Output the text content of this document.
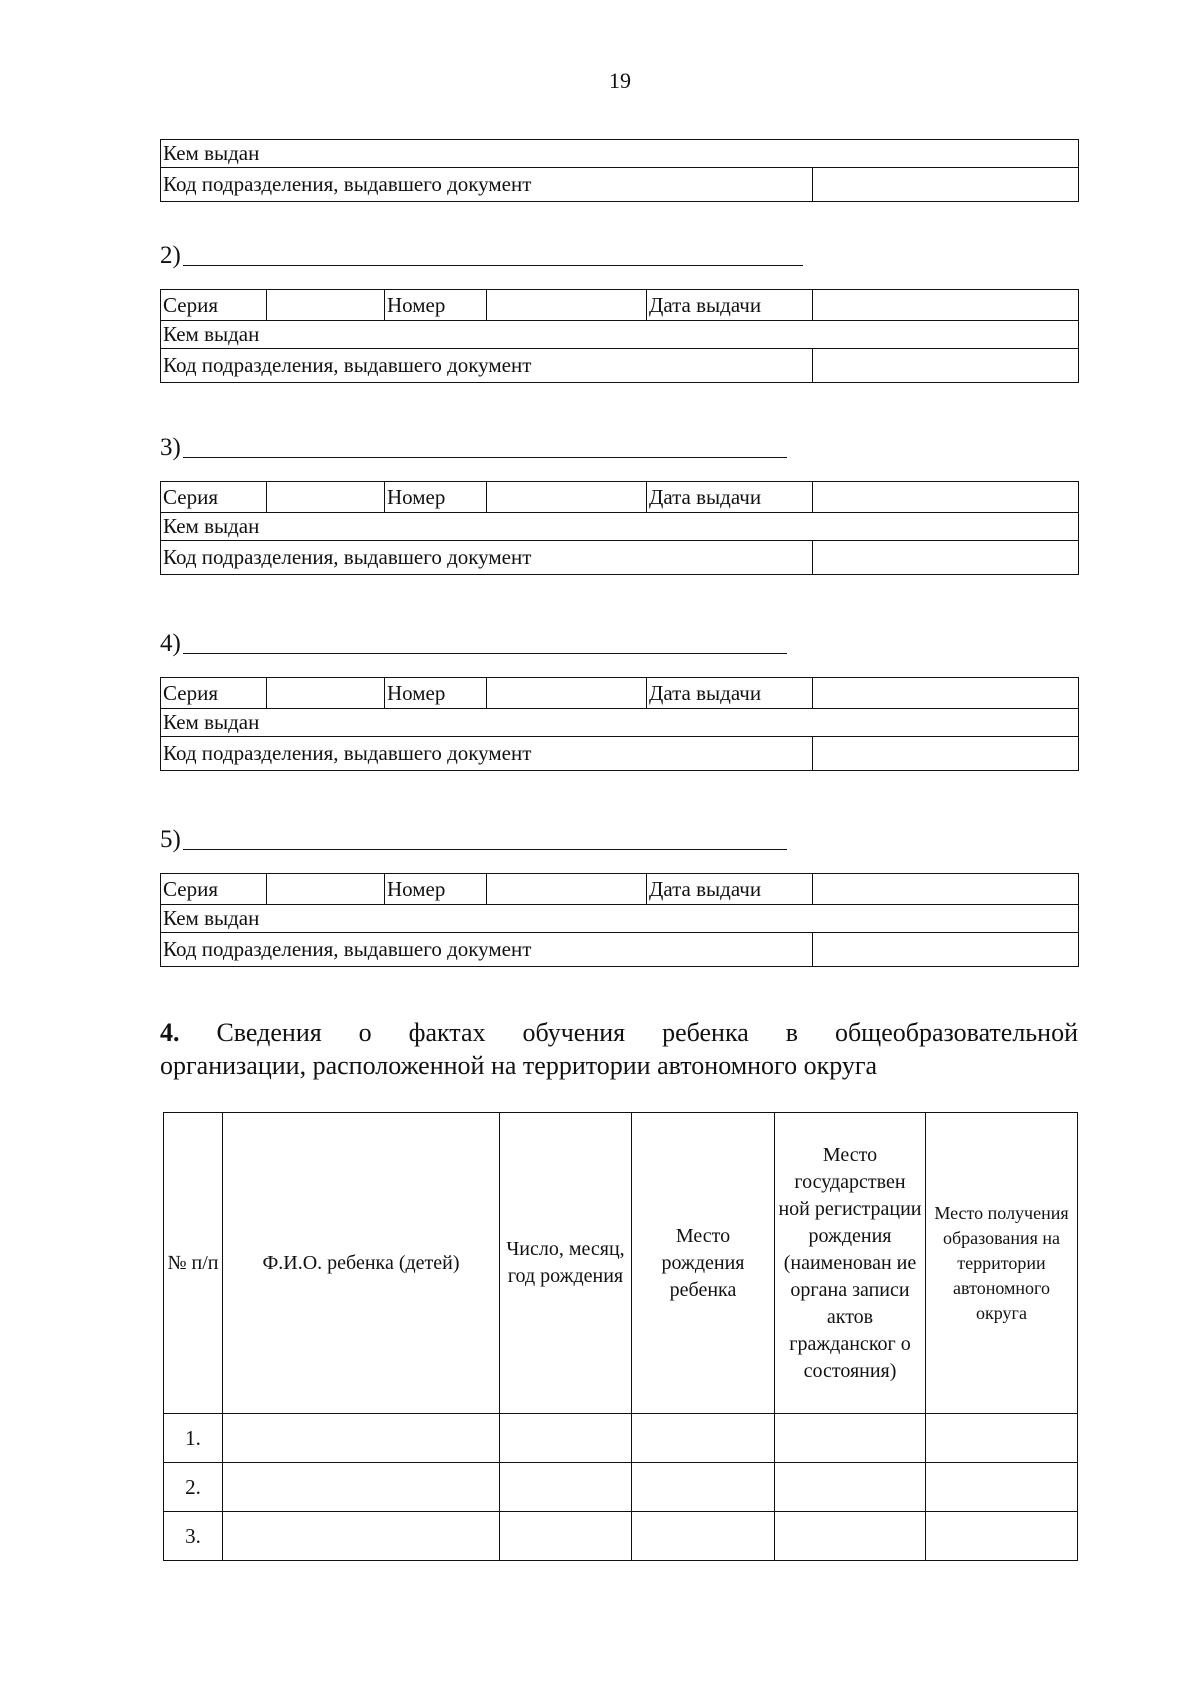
19
Кем выдан
Код подразделения, выдавшего документ	
2)
Серия		Номер		Дата выдачи	
Кем выдан					
Код подразделения, выдавшего документ					
3)
Серия		Номер		Дата выдачи	
Кем выдан					
Код подразделения, выдавшего документ					
4)
Серия		Номер		Дата выдачи	
Кем выдан					
Код подразделения, выдавшего документ					
5)
Серия		Номер		Дата выдачи	
Кем выдан					
Код подразделения, выдавшего документ					
4. Сведения о фактах обучения ребенка в общеобразовательной
организации, расположенной на территории автономного округа
№ п/п	Ф.И.О. ребенка (детей)	Число, месяц, год рождения	Место рождения ребенка	Место государствен ной регистрации рождения (наименован ие органа записи актов гражданског о состояния)	Место получения образования на территории автономного округа
1.					
2.					
3.					
